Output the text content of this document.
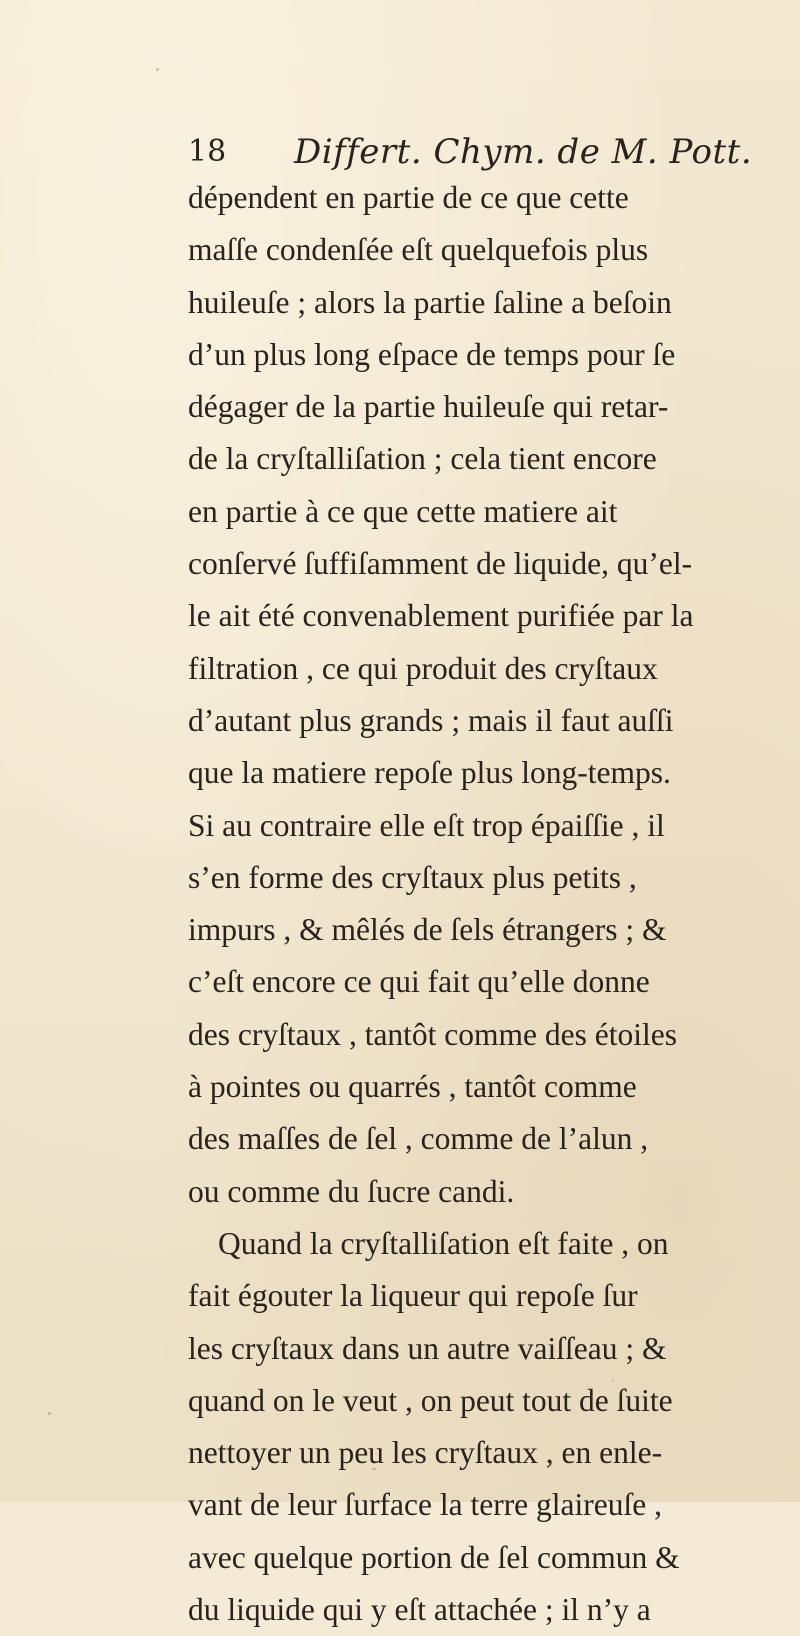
18 Differt. Chym. de M. Pott.
dépendent en partie de ce que cette
maſſe condenſée eſt quelquefois plus
huileuſe ; alors la partie ſaline a beſoin
d’un plus long eſpace de temps pour ſe
dégager de la partie huileuſe qui retar-
de la cryſtalliſation ; cela tient encore
en partie à ce que cette matiere ait
conſervé ſuffiſamment de liquide, qu’el-
le ait été convenablement purifiée par la
filtration , ce qui produit des cryſtaux
d’autant plus grands ; mais il faut auſſi
que la matiere repoſe plus long-temps.
Si au contraire elle eſt trop épaiſſie , il
s’en forme des cryſtaux plus petits ,
impurs , & mêlés de ſels étrangers ; &
c’eſt encore ce qui fait qu’elle donne
des cryſtaux , tantôt comme des étoiles
à pointes ou quarrés , tantôt comme
des maſſes de ſel , comme de l’alun ,
ou comme du ſucre candi.
Quand la cryſtalliſation eſt faite , on
fait égouter la liqueur qui repoſe ſur
les cryſtaux dans un autre vaiſſeau ; &
quand on le veut , on peut tout de ſuite
nettoyer un peu les cryſtaux , en enle-
vant de leur ſurface la terre glaireuſe ,
avec quelque portion de ſel commun &
du liquide qui y eſt attachée ; il n’y a
